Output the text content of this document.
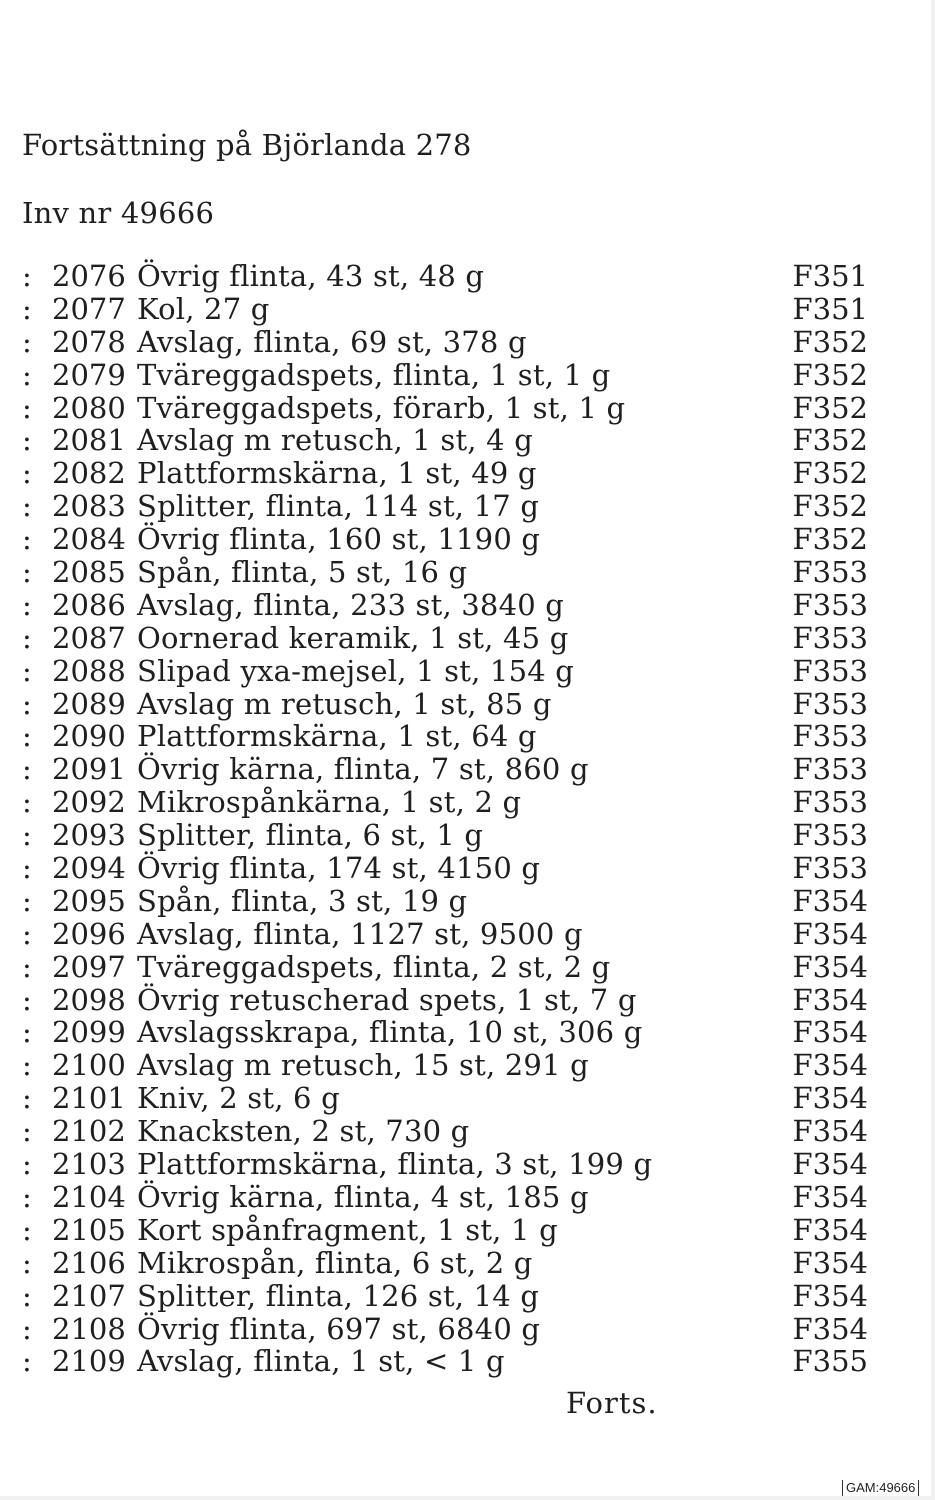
Fortsättning på Björlanda 278
Inv nr 49666
: 2076 Övrig flinta, 43 st, 48 g	F351
: 2077 Kol, 27 g	F351
: 2078 Avslag, flinta, 69 st, 378 g	F352
: 2079 Tväreggadspets, flinta, 1 st, 1 g	F352
: 2080 Tväreggadspets, förarb, 1 st, 1 g	F352
: 2081 Avslag m retusch, 1 st, 4 g	F352
: 2082 Plattformskärna, 1 st, 49 g	F352
: 2083 Splitter, flinta, 114 st, 17 g	F352
: 2084 Övrig flinta, 160 st, 1190 g	F352
: 2085 Spån, flinta, 5 st, 16 g	F353
: 2086 Avslag, flinta, 233 st, 3840 g	F353
: 2087 Oornerad keramik, 1 st, 45 g	F353
: 2088 Slipad yxa-mejsel, 1 st, 154 g	F353
: 2089 Avslag m retusch, 1 st, 85 g	F353
: 2090 Plattformskärna, 1 st, 64 g	F353
: 2091 Övrig kärna, flinta, 7 st, 860 g	F353
: 2092 Mikrospånkärna, 1 st, 2 g	F353
: 2093 Splitter, flinta, 6 st, 1 g	F353
: 2094 Övrig flinta, 174 st, 4150 g	F353
: 2095 Spån, flinta, 3 st, 19 g	F354
: 2096 Avslag, flinta, 1127 st, 9500 g	F354
: 2097 Tväreggadspets, flinta, 2 st, 2 g	F354
: 2098 Övrig retuscherad spets, 1 st, 7 g	F354
: 2099 Avslagsskrapa, flinta, 10 st, 306 g	F354
: 2100 Avslag m retusch, 15 st, 291 g	F354
: 2101 Kniv, 2 st, 6 g	F354
: 2102 Knacksten, 2 st, 730 g	F354
: 2103 Plattformskärna, flinta, 3 st, 199 g	F354
: 2104 Övrig kärna, flinta, 4 st, 185 g	F354
: 2105 Kort spånfragment, 1 st, 1 g	F354
: 2106 Mikrospån, flinta, 6 st, 2 g	F354
: 2107 Splitter, flinta, 126 st, 14 g	F354
: 2108 Övrig flinta, 697 st, 6840 g	F354
: 2109 Avslag, flinta, 1 st, < 1 g	F355
Forts.
GAM:49666
